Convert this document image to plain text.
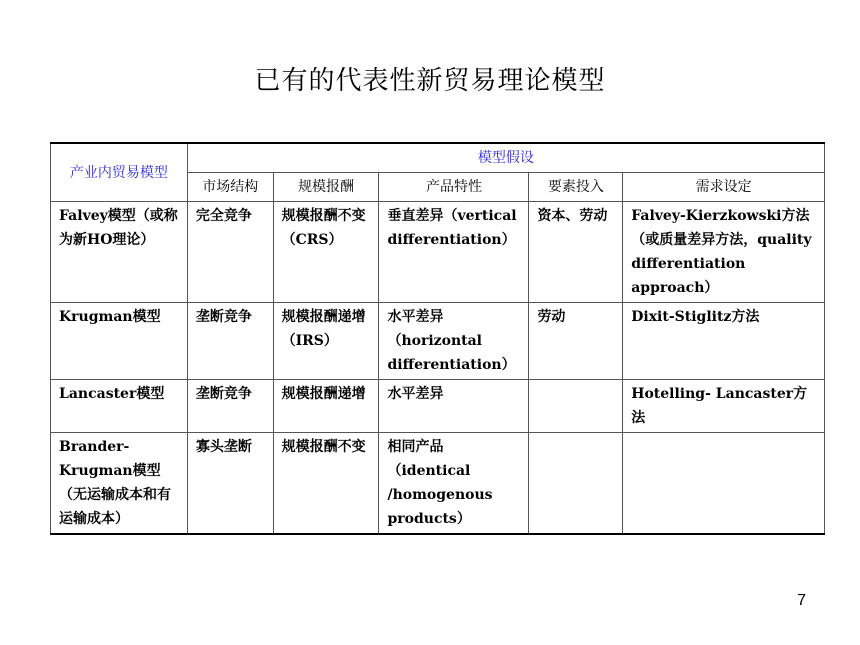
已有的代表性新贸易理论模型
产业内贸易模型	模型假设				
	市场结构	规模报酬	产品特性	要素投入	需求设定
Falvey模型（或称为新HO理论）	完全竞争	规模报酬不变（CRS）	垂直差异（vertical differentiation）	资本、劳动	Falvey-Kierzkowski方法（或质量差异方法，quality differentiation approach）
Krugman模型	垄断竞争	规模报酬递增（IRS）	水平差异（horizontal differentiation）	劳动	Dixit-Stiglitz方法
Lancaster模型	垄断竞争	规模报酬递增	水平差异		Hotelling- Lancaster方法
Brander-Krugman模型（无运输成本和有运输成本）	寡头垄断	规模报酬不变	相同产品（identical /homogenous products）		
7
